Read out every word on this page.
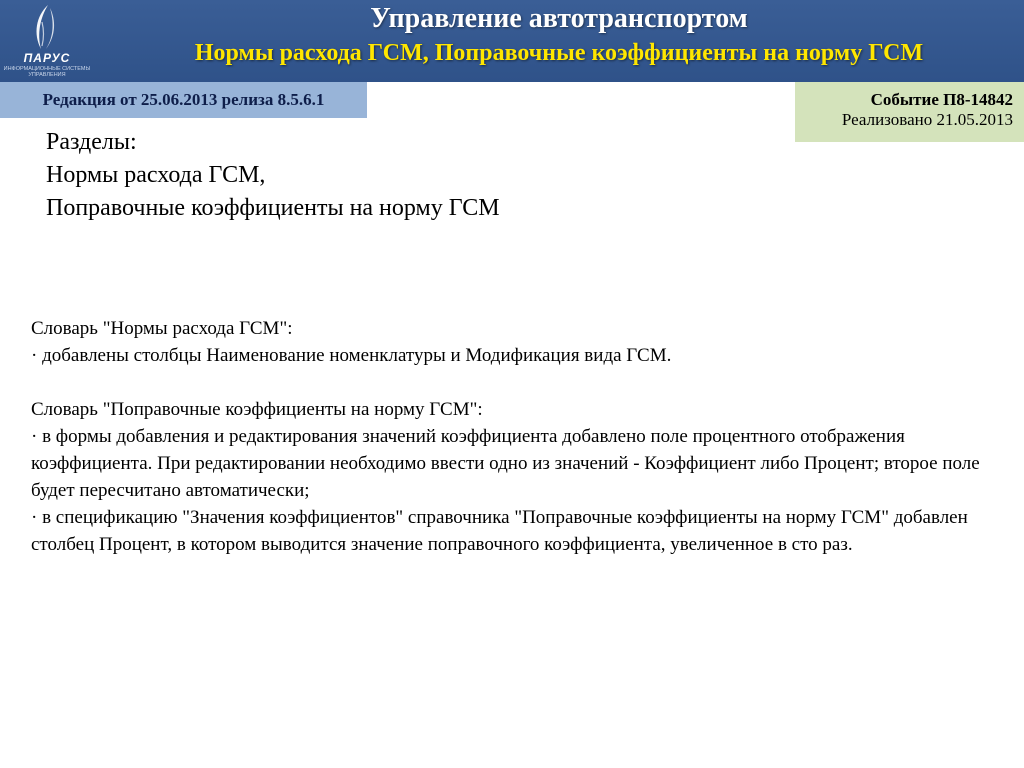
ПАРУС
ИНФОРМАЦИОННЫЕ СИСТЕМЫ УПРАВЛЕНИЯ
Управление автотранспортом
Нормы расхода ГСМ, Поправочные коэффициенты на норму ГСМ
Редакция от 25.06.2013 релиза 8.5.6.1	Событие П8-14842
Реализовано 21.05.2013
Разделы:
Нормы расхода ГСМ,
Поправочные коэффициенты на норму ГСМ

Словарь "Нормы расхода ГСМ":

· добавлены столбцы Наименование номенклатуры и Модификация вида ГСМ.

Словарь "Поправочные коэффициенты на норму ГСМ":

· в формы добавления и редактирования значений коэффициента добавлено поле процентного отображения коэффициента. При редактировании необходимо ввести одно из значений - Коэффициент либо Процент; второе поле будет пересчитано автоматически;

· в спецификацию "Значения коэффициентов" справочника "Поправочные коэффициенты на норму ГСМ" добавлен столбец Процент, в котором выводится значение поправочного коэффициента, увеличенное в сто раз.
